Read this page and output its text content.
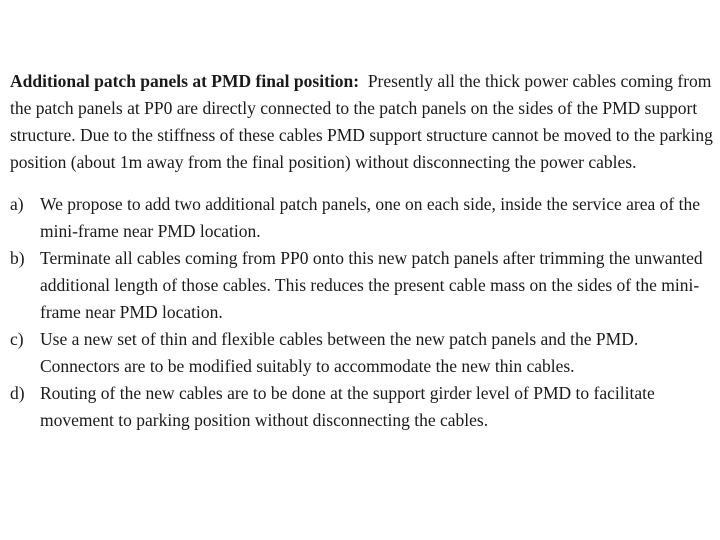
Additional patch panels at PMD final position: Presently all the thick power cables coming from the patch panels at PP0 are directly connected to the patch panels on the sides of the PMD support structure. Due to the stiffness of these cables PMD support structure cannot be moved to the parking position (about 1m away from the final position) without disconnecting the power cables.

a) We propose to add two additional patch panels, one on each side, inside the service area of the mini-frame near PMD location.
b) Terminate all cables coming from PP0 onto this new patch panels after trimming the unwanted additional length of those cables. This reduces the present cable mass on the sides of the mini-frame near PMD location.
c) Use a new set of thin and flexible cables between the new patch panels and the PMD. Connectors are to be modified suitably to accommodate the new thin cables.
d) Routing of the new cables are to be done at the support girder level of PMD to facilitate movement to parking position without disconnecting the cables.
